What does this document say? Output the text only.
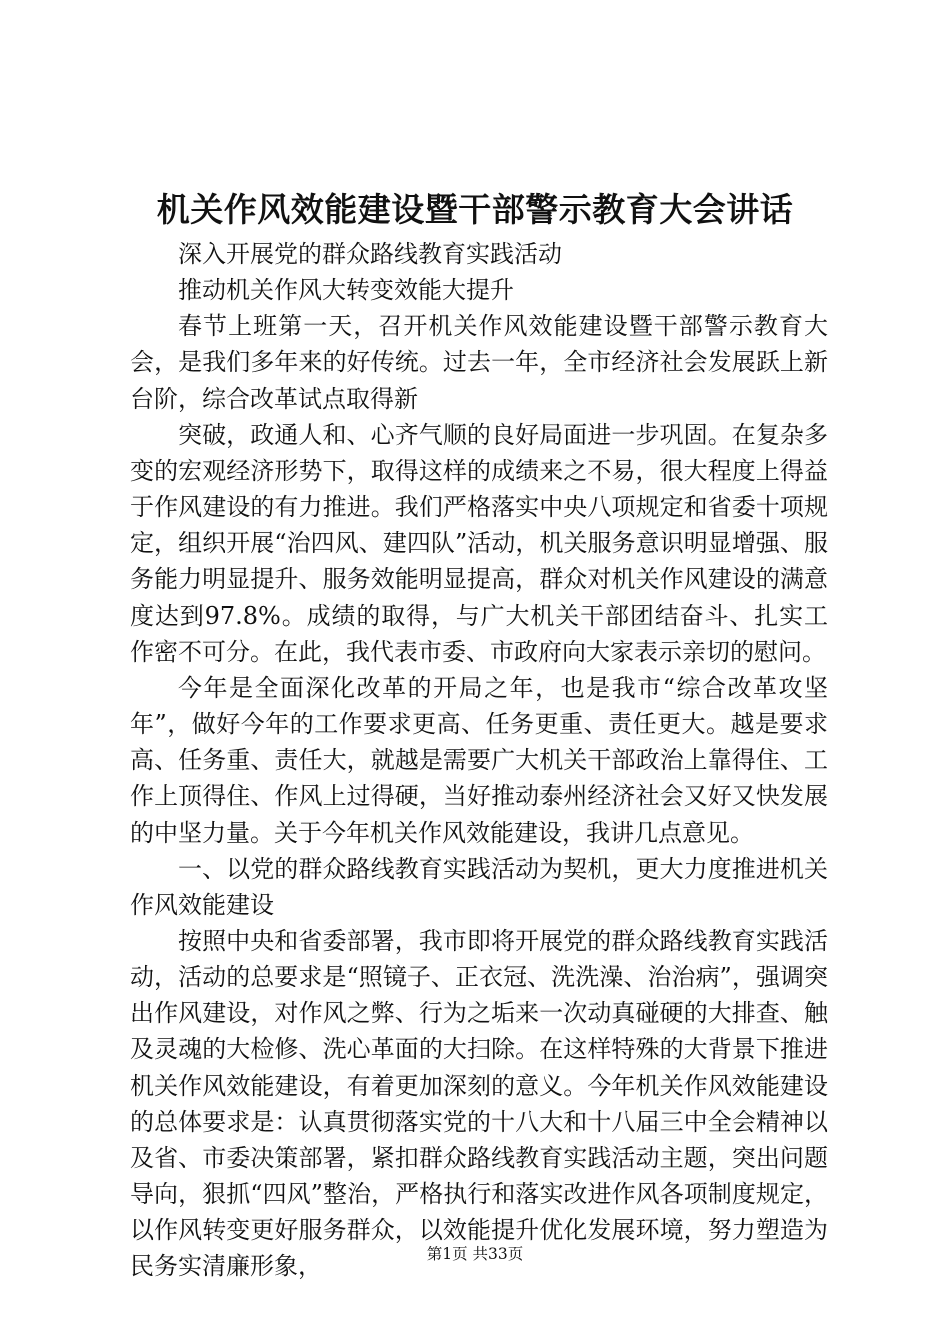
机关作风效能建设暨干部警示教育大会讲话

深入开展党的群众路线教育实践活动

推动机关作风大转变效能大提升

春节上班第一天，召开机关作风效能建设暨干部警示教育大会，是我们多年来的好传统。过去一年，全市经济社会发展跃上新台阶，综合改革试点取得新

突破，政通人和、心齐气顺的良好局面进一步巩固。在复杂多变的宏观经济形势下，取得这样的成绩来之不易，很大程度上得益于作风建设的有力推进。我们严格落实中央八项规定和省委十项规定，组织开展“治四风、建四队”活动，机关服务意识明显增强、服务能力明显提升、服务效能明显提高，群众对机关作风建设的满意度达到97.8%。成绩的取得，与广大机关干部团结奋斗、扎实工作密不可分。在此，我代表市委、市政府向大家表示亲切的慰问。

今年是全面深化改革的开局之年，也是我市“综合改革攻坚年”，做好今年的工作要求更高、任务更重、责任更大。越是要求高、任务重、责任大，就越是需要广大机关干部政治上靠得住、工作上顶得住、作风上过得硬，当好推动泰州经济社会又好又快发展的中坚力量。关于今年机关作风效能建设，我讲几点意见。

一、以党的群众路线教育实践活动为契机，更大力度推进机关作风效能建设

按照中央和省委部署，我市即将开展党的群众路线教育实践活动，活动的总要求是“照镜子、正衣冠、洗洗澡、治治病”，强调突出作风建设，对作风之弊、行为之垢来一次动真碰硬的大排查、触及灵魂的大检修、洗心革面的大扫除。在这样特殊的大背景下推进机关作风效能建设，有着更加深刻的意义。今年机关作风效能建设的总体要求是：认真贯彻落实党的十八大和十八届三中全会精神以及省、市委决策部署，紧扣群众路线教育实践活动主题，突出问题导向，狠抓“四风”整治，严格执行和落实改进作风各项制度规定，以作风转变更好服务群众，以效能提升优化发展环境，努力塑造为民务实清廉形象，	第1页 共33页
